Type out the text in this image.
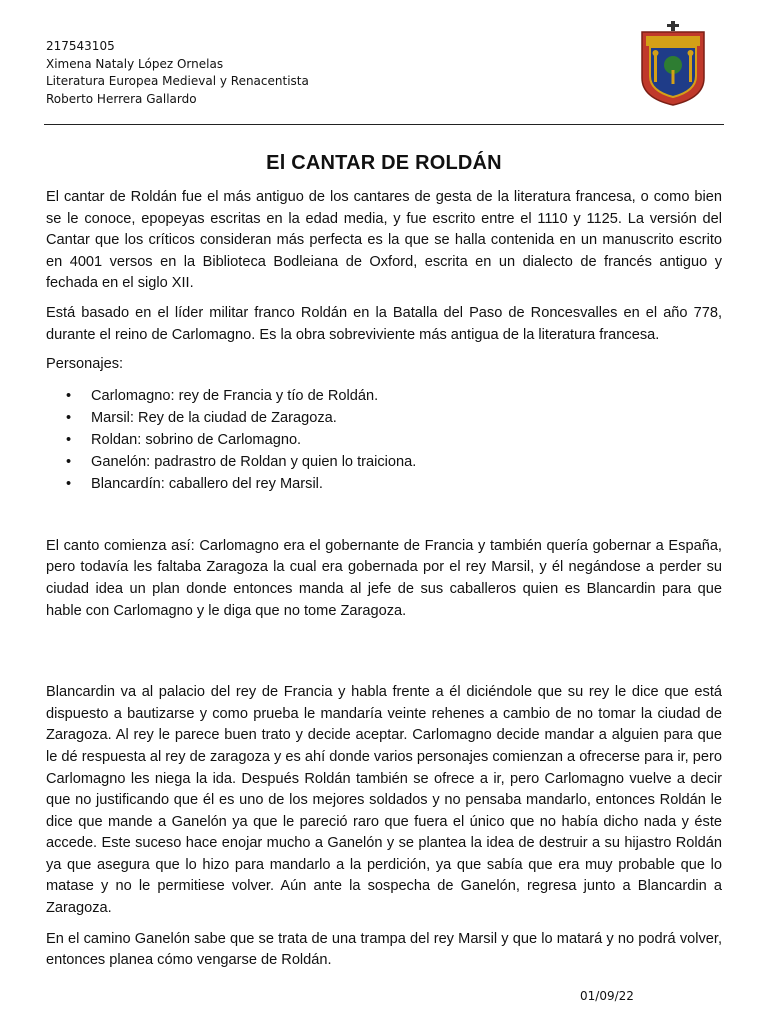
217543105
Ximena Nataly López Ornelas
Literatura Europea Medieval y Renacentista
Roberto Herrera Gallardo
El CANTAR DE ROLDÁN

El cantar de Roldán fue el más antiguo de los cantares de gesta de la literatura francesa, o como bien se le conoce, epopeyas escritas en la edad media, y fue escrito entre el 1110 y 1125. La versión del Cantar que los críticos consideran más perfecta es la que se halla contenida en un manuscrito escrito en 4001 versos en la Biblioteca Bodleiana de Oxford, escrita en un dialecto de francés antiguo y fechada en el siglo XII.

Está basado en el líder militar franco Roldán en la Batalla del Paso de Roncesvalles en el año 778, durante el reino de Carlomagno. Es la obra sobreviviente más antigua de la literatura francesa.

Personajes:

• Carlomagno: rey de Francia y tío de Roldán.
• Marsil: Rey de la ciudad de Zaragoza.
• Roldan: sobrino de Carlomagno.
• Ganelón: padrastro de Roldan y quien lo traiciona.
• Blancardín: caballero del rey Marsil.

El canto comienza así: Carlomagno era el gobernante de Francia y también quería gobernar a España, pero todavía les faltaba Zaragoza la cual era gobernada por el rey Marsil, y él negándose a perder su ciudad idea un plan donde entonces manda al jefe de sus caballeros quien es Blancardin para que hable con Carlomagno y le diga que no tome Zaragoza.

Blancardin va al palacio del rey de Francia y habla frente a él diciéndole que su rey le dice que está dispuesto a bautizarse y como prueba le mandaría veinte rehenes a cambio de no tomar la ciudad de Zaragoza. Al rey le parece buen trato y decide aceptar. Carlomagno decide mandar a alguien para que le dé respuesta al rey de zaragoza y es ahí donde varios personajes comienzan a ofrecerse para ir, pero Carlomagno les niega la ida. Después Roldán también se ofrece a ir, pero Carlomagno vuelve a decir que no justificando que él es uno de los mejores soldados y no pensaba mandarlo, entonces Roldán le dice que mande a Ganelón ya que le pareció raro que fuera el único que no había dicho nada y éste accede. Este suceso hace enojar mucho a Ganelón y se plantea la idea de destruir a su hijastro Roldán ya que asegura que lo hizo para mandarlo a la perdición, ya que sabía que era muy probable que lo matase y no le permitiese volver. Aún ante la sospecha de Ganelón, regresa junto a Blancardin a Zaragoza.

En el camino Ganelón sabe que se trata de una trampa del rey Marsil y que lo matará y no podrá volver, entonces planea cómo vengarse de Roldán.

01/09/22
